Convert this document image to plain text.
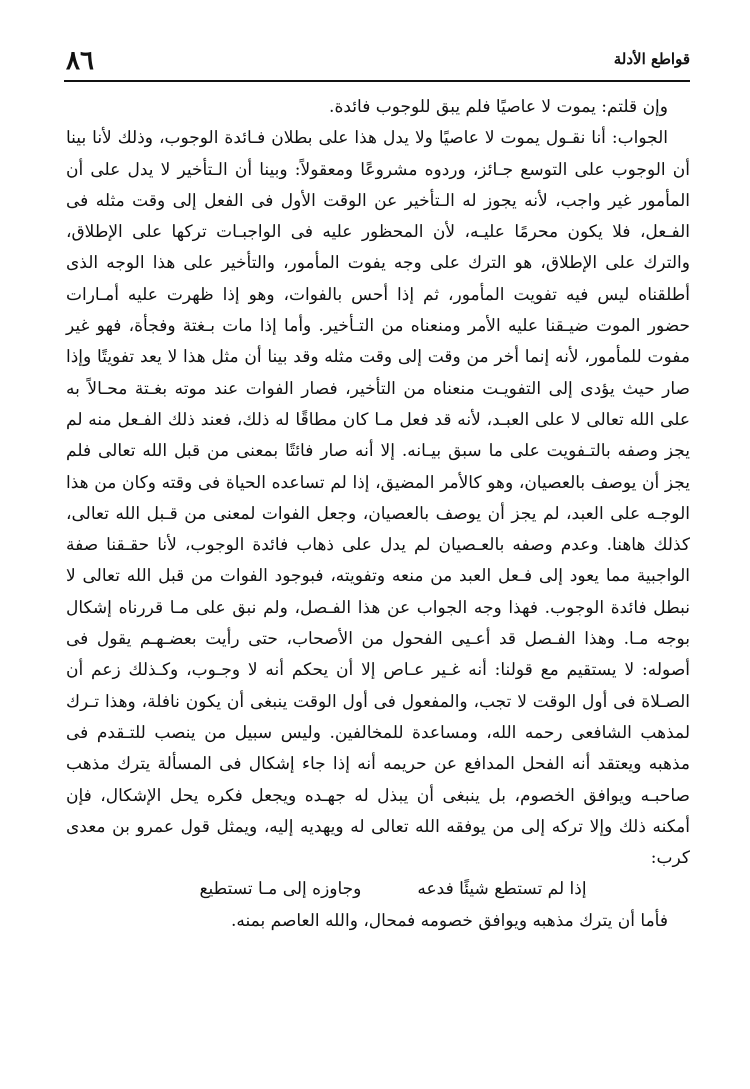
قواطع الأدلة
٨٦

وإن قلتم: يموت لا عاصيًا فلم يبق للوجوب فائدة.

الجواب: أنا نقـول يموت لا عاصيًا ولا يدل هذا على بطلان فـائدة الوجوب، وذلك لأنا بينا أن الوجوب على التوسع جـائز، وردوه مشروعًا ومعقولاً: وبينا أن الـتأخير لا يدل على أن المأمور غير واجب، لأنه يجوز له الـتأخير عن الوقت الأول فى الفعل إلى وقت مثله فى الفـعل، فلا يكون محرمًا عليـه، لأن المحظور عليه فى الواجبـات تركها على الإطلاق، والترك على الإطلاق، هو الترك على وجه يفوت المأمور، والتأخير على هذا الوجه الذى أطلقناه ليس فيه تفويت المأمور، ثم إذا أحس بالفوات، وهو إذا ظهرت عليه أمـارات حضور الموت ضيـقنا عليه الأمر ومنعناه من التـأخير. وأما إذا مات بـغتة وفجأة، فهو غير مفوت للمأمور، لأنه إنما أخر من وقت إلى وقت مثله وقد بينا أن مثل هذا لا يعد تفويتًا وإذا صار حيث يؤدى إلى التفويـت منعناه من التأخير، فصار الفوات عند موته بغـتة محـالاً به على الله تعالى لا على العبـد، لأنه قد فعل مـا كان مطاقًا له ذلك، فعند ذلك الفـعل منه لم يجز وصفه بالتـفويت على ما سبق بيـانه. إلا أنه صار فائتًا بمعنى من قبل الله تعالى فلم يجز أن يوصف بالعصيان، وهو كالأمر المضيق، إذا لم تساعده الحياة فى وقته وكان من هذا الوجـه على العبد، لم يجز أن يوصف بالعصيان، وجعل الفوات لمعنى من قـبل الله تعالى، كذلك هاهنا. وعدم وصفه بالعـصيان لم يدل على ذهاب فائدة الوجوب، لأنا حقـقنا صفة الواجبية مما يعود إلى فـعل العبد من منعه وتفويته، فبوجود الفوات من قبل الله تعالى لا نبطل فائدة الوجوب. فهذا وجه الجواب عن هذا الفـصل، ولم نبق على مـا قررناه إشكال بوجه مـا. وهذا الفـصل قد أعـيى الفحول من الأصحاب، حتى رأيت بعضـهـم يقول فى أصوله: لا يستقيم مع قولنا: أنه غـير عـاص إلا أن يحكم أنه لا وجـوب، وكـذلك زعم أن الصـلاة فى أول الوقت لا تجب، والمفعول فى أول الوقت ينبغى أن يكون نافلة، وهذا تـرك لمذهب الشافعى رحمه الله، ومساعدة للمخالفين. وليس سبيل من ينصب للتـقدم فى مذهبه ويعتقد أنه الفحل المدافع عن حريمه أنه إذا جاء إشكال فى المسألة يترك مذهب صاحبـه ويوافق الخصوم، بل ينبغى أن يبذل له جهـده ويجعل فكره يحل الإشكال، فإن أمكنه ذلك وإلا تركه إلى من يوفقه الله تعالى له ويهديه إليه، ويمثل قول عمرو بن معدى كرب:

إذا لم تستطع شيئًا فدعه
وجاوزه إلى مـا تستطيع

فأما أن يترك مذهبه ويوافق خصومه فمحال، والله العاصم بمنه.
